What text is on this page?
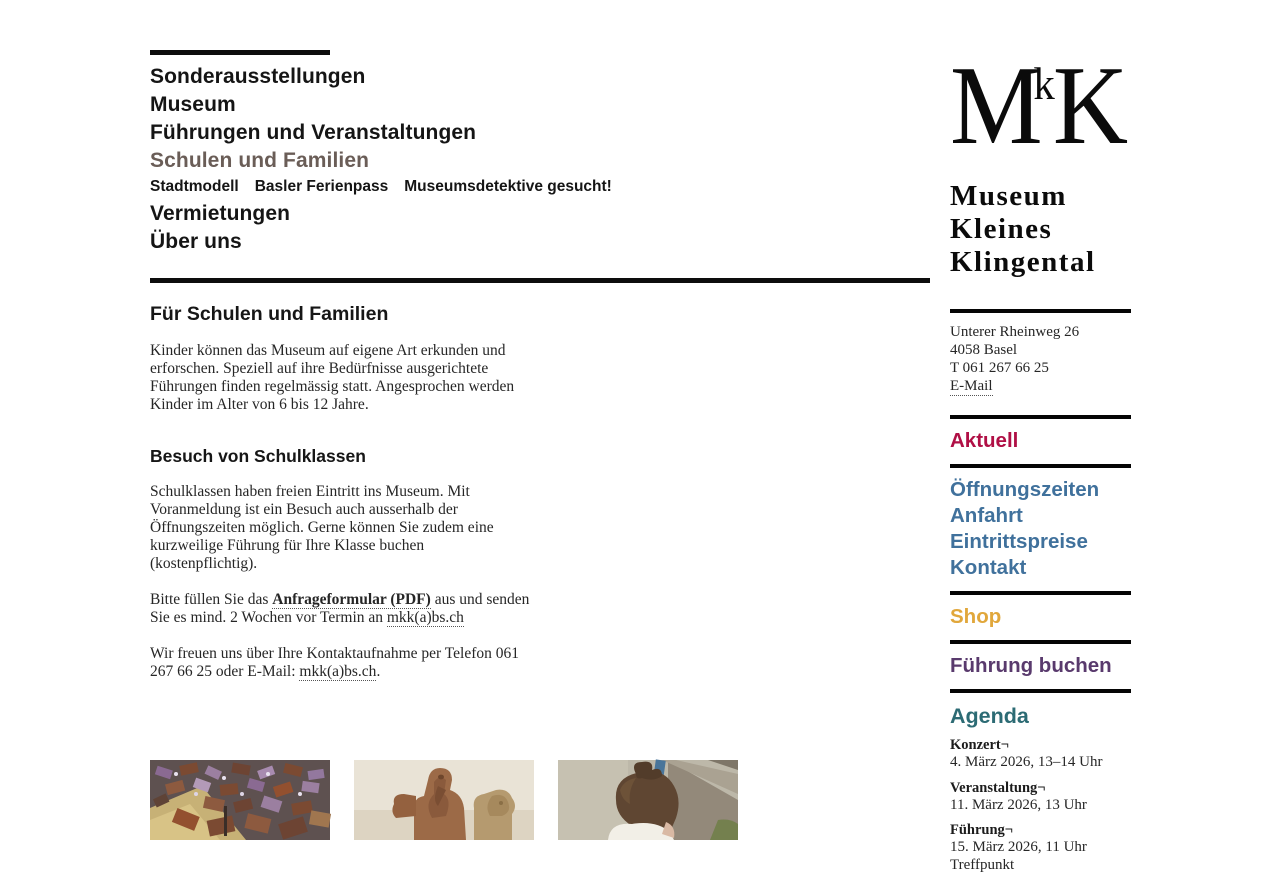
Sonderausstellungen
Museum
Führungen und Veranstaltungen
Schulen und Familien
Stadtmodell Basler Ferienpass Museumsdetektive gesucht!
Vermietungen
Über uns
Für Schulen und Familien

Kinder können das Museum auf eigene Art erkunden und erforschen. Speziell auf ihre Bedürfnisse ausgerichtete Führungen finden regelmässig statt. Angesprochen werden Kinder im Alter von 6 bis 12 Jahre.

Besuch von Schulklassen

Schulklassen haben freien Eintritt ins Museum. Mit Voranmeldung ist ein Besuch auch ausserhalb der Öffnungszeiten möglich. Gerne können Sie zudem eine kurzweilige Führung für Ihre Klasse buchen (kostenpflichtig).

Bitte füllen Sie das Anfrageformular (PDF) aus und senden Sie es mind. 2 Wochen vor Termin an mkk(a)bs.ch

Wir freuen uns über Ihre Kontaktaufnahme per Telefon 061 267 66 25 oder E-Mail: mkk(a)bs.ch.

$M^kK$
Museum
Kleines
Klingental
Unterer Rheinweg 26
4058 Basel
T 061 267 66 25
E-Mail
Aktuell
Öffnungszeiten
Anfahrt
Eintrittspreise
Kontakt
Shop
Führung buchen
Agenda
Konzert¬
4. März 2026, 13–14 Uhr
Veranstaltung¬
11. März 2026, 13 Uhr
Führung¬
15. März 2026, 11 Uhr
Treffpunkt
